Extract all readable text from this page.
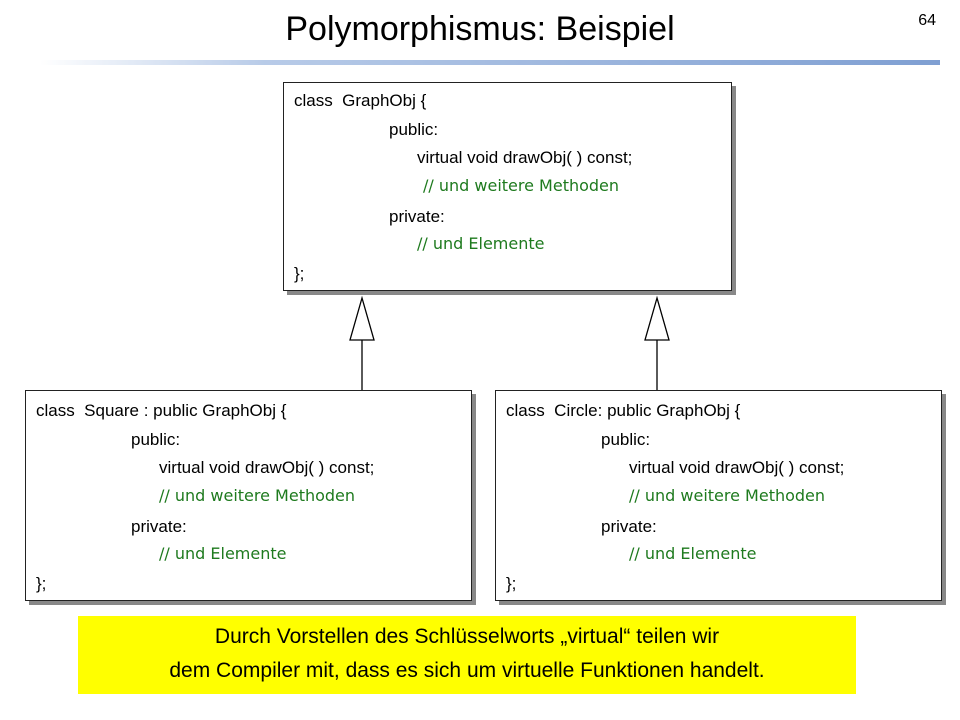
64
Polymorphismus: Beispiel
class  GraphObj {
public:
virtual void drawObj( ) const;
// und weitere Methoden
private:
// und Elemente
};
class  Square : public GraphObj {
public:
virtual void drawObj( ) const;
// und weitere Methoden
private:
// und Elemente
};
class  Circle: public GraphObj {
public:
virtual void drawObj( ) const;
// und weitere Methoden
private:
// und Elemente
};
Durch Vorstellen des Schlüsselworts „virtual“ teilen wir
dem Compiler mit, dass es sich um virtuelle Funktionen handelt.
